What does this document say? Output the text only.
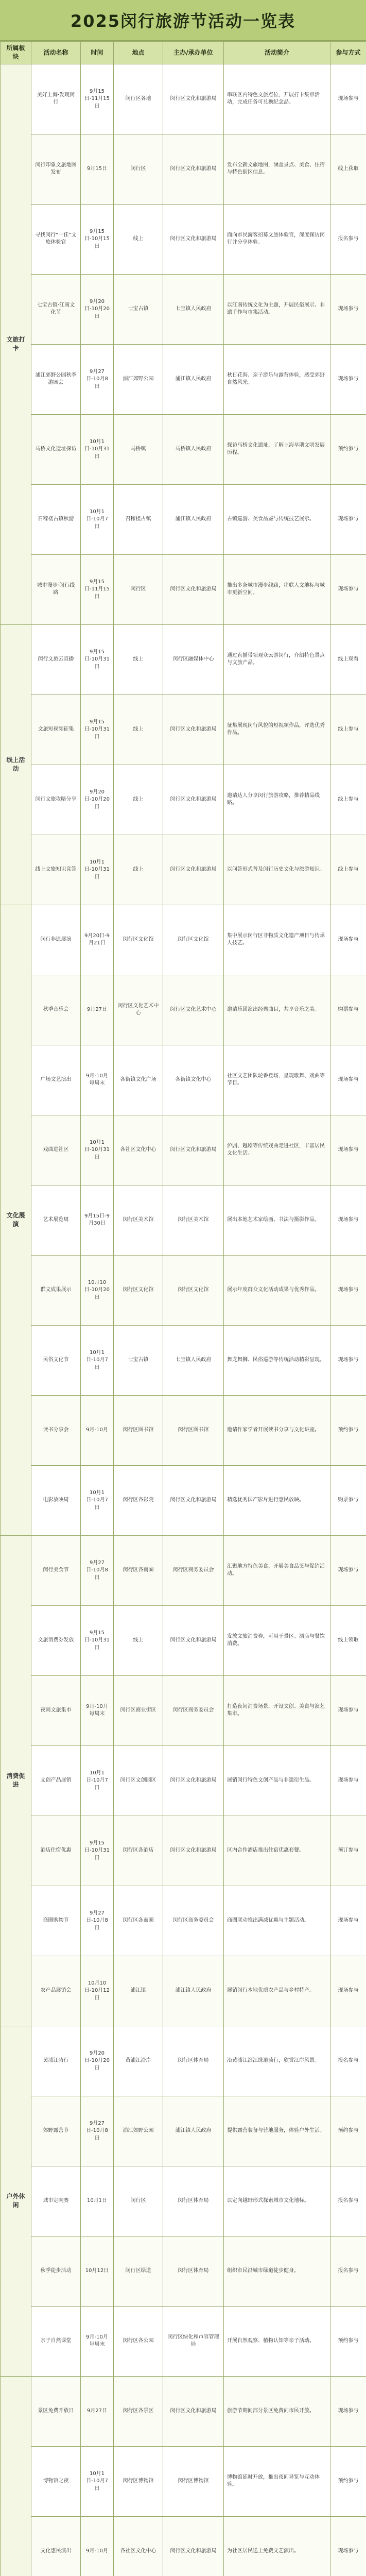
2025闵行旅游节活动一览表
所属板块	活动名称	时间	地点	主办/承办单位	活动简介	参与方式
文旅打卡	美好上海·发现闵行	9月15日-11月15日	闵行区各地	闵行区文化和旅游局	串联区内特色文旅点位，开展打卡集章活动，完成任务可兑换纪念品。	现场参与
	闵行印象文旅地图发布	9月15日	闵行区	闵行区文化和旅游局	发布全新文旅地图，涵盖景点、美食、住宿与特色街区信息。	线上获取
	寻找闵行“十佳”文旅体验官	9月15日-10月15日	线上	闵行区文化和旅游局	面向市民游客招募文旅体验官，深度探访闵行并分享体验。	报名参与
	七宝古镇·江南文化节	9月20日-10月20日	七宝古镇	七宝镇人民政府	以江南传统文化为主题，开展民俗展示、非遗手作与市集活动。	现场参与
	浦江郊野公园秋季游园会	9月27日-10月8日	浦江郊野公园	浦江镇人民政府	秋日花海、亲子游乐与露营体验，感受郊野自然风光。	现场参与
	马桥文化遗址探访	10月1日-10月31日	马桥镇	马桥镇人民政府	探访马桥文化遗址，了解上海早期文明发展历程。	预约参与
	召稼楼古镇秋游	10月1日-10月7日	召稼楼古镇	浦江镇人民政府	古镇巡游、美食品鉴与传统技艺展示。	现场参与
	城市漫步·闵行线路	9月15日-11月15日	闵行区	闵行区文化和旅游局	推出多条城市漫步线路，串联人文地标与城市更新空间。	现场参与
线上活动	闵行文旅云直播	9月15日-10月31日	线上	闵行区融媒体中心	通过直播带领观众云游闵行，介绍特色景点与文旅产品。	线上观看
	文旅短视频征集	9月15日-10月31日	线上	闵行区文化和旅游局	征集展现闵行风貌的短视频作品，评选优秀作品。	线上参与
	闵行文旅攻略分享	9月20日-10月20日	线上	闵行区文化和旅游局	邀请达人分享闵行旅游攻略，推荐精品线路。	线上参与
	线上文旅知识竞答	10月1日-10月31日	线上	闵行区文化和旅游局	以问答形式普及闵行历史文化与旅游知识。	线上参与
文化展演	闵行非遗展演	9月20日-9月21日	闵行区文化馆	闵行区文化馆	集中展示闵行区非物质文化遗产项目与传承人技艺。	现场参与
	秋季音乐会	9月27日	闵行区文化艺术中心	闵行区文化艺术中心	邀请乐团演出经典曲目，共享音乐之美。	购票参与
	广场文艺演出	9月-10月每周末	各街镇文化广场	各街镇文化中心	社区文艺团队轮番登场，呈现歌舞、戏曲等节目。	现场参与
	戏曲进社区	10月1日-10月31日	各社区文化中心	闵行区文化和旅游局	沪剧、越剧等传统戏曲走进社区，丰富居民文化生活。	现场参与
	艺术展览周	9月15日-9月30日	闵行区美术馆	闵行区美术馆	展出本地艺术家绘画、书法与摄影作品。	现场参与
	群文成果展示	10月10日-10月20日	闵行区文化馆	闵行区文化馆	展示年度群众文化活动成果与优秀作品。	现场参与
	民俗文化节	10月1日-10月7日	七宝古镇	七宝镇人民政府	舞龙舞狮、民俗巡游等传统活动精彩呈现。	现场参与
	读书分享会	9月-10月	闵行区图书馆	闵行区图书馆	邀请作家学者开展读书分享与文化讲座。	预约参与
	电影放映周	10月1日-10月7日	闵行区各影院	闵行区文化和旅游局	精选优秀国产影片进行惠民放映。	购票参与
消费促进	闵行美食节	9月27日-10月8日	闵行区各商圈	闵行区商务委员会	汇聚地方特色美食，开展美食品鉴与促销活动。	现场参与
	文旅消费券发放	9月15日-10月31日	线上	闵行区文化和旅游局	发放文旅消费券，可用于景区、酒店与餐饮消费。	线上领取
	夜间文旅集市	9月-10月每周末	闵行区商业街区	闵行区商务委员会	打造夜间消费场景，开设文创、美食与演艺集市。	现场参与
	文创产品展销	10月1日-10月7日	闵行区文创园区	闵行区文化和旅游局	展销闵行特色文创产品与非遗衍生品。	现场参与
	酒店住宿优惠	9月15日-10月31日	闵行区各酒店	闵行区文化和旅游局	区内合作酒店推出住宿优惠套餐。	预订参与
	商圈购物节	9月27日-10月8日	闵行区各商圈	闵行区商务委员会	商圈联动推出满减优惠与主题活动。	现场参与
	农产品展销会	10月10日-10月12日	浦江镇	浦江镇人民政府	展销闵行本地优质农产品与乡村特产。	现场参与
户外休闲	黄浦江骑行	9月20日-10月20日	黄浦江沿岸	闵行区体育局	沿黄浦江滨江绿道骑行，欣赏江岸风景。	报名参与
	郊野露营节	9月27日-10月8日	浦江郊野公园	浦江镇人民政府	提供露营装备与营地服务，体验户外生活。	预约参与
	城市定向赛	10月1日	闵行区	闵行区体育局	以定向越野形式探索城市文化地标。	报名参与
	秋季徒步活动	10月12日	闵行区绿道	闵行区体育局	组织市民沿城市绿道徒步健身。	报名参与
	亲子自然课堂	9月-10月每周末	闵行区各公园	闵行区绿化和市容管理局	开展自然观察、植物认知等亲子活动。	预约参与
	景区免费开放日	9月27日	闵行区各景区	闵行区文化和旅游局	旅游节期间部分景区免费向市民开放。	现场参与
	博物馆之夜	10月1日-10月7日	闵行区博物馆	闵行区博物馆	博物馆延时开放，推出夜间导览与互动体验。	预约参与
	文化惠民演出	9月-10月	各社区文化中心	闵行区文化和旅游局	为社区居民送上免费文艺演出。	现场参与
